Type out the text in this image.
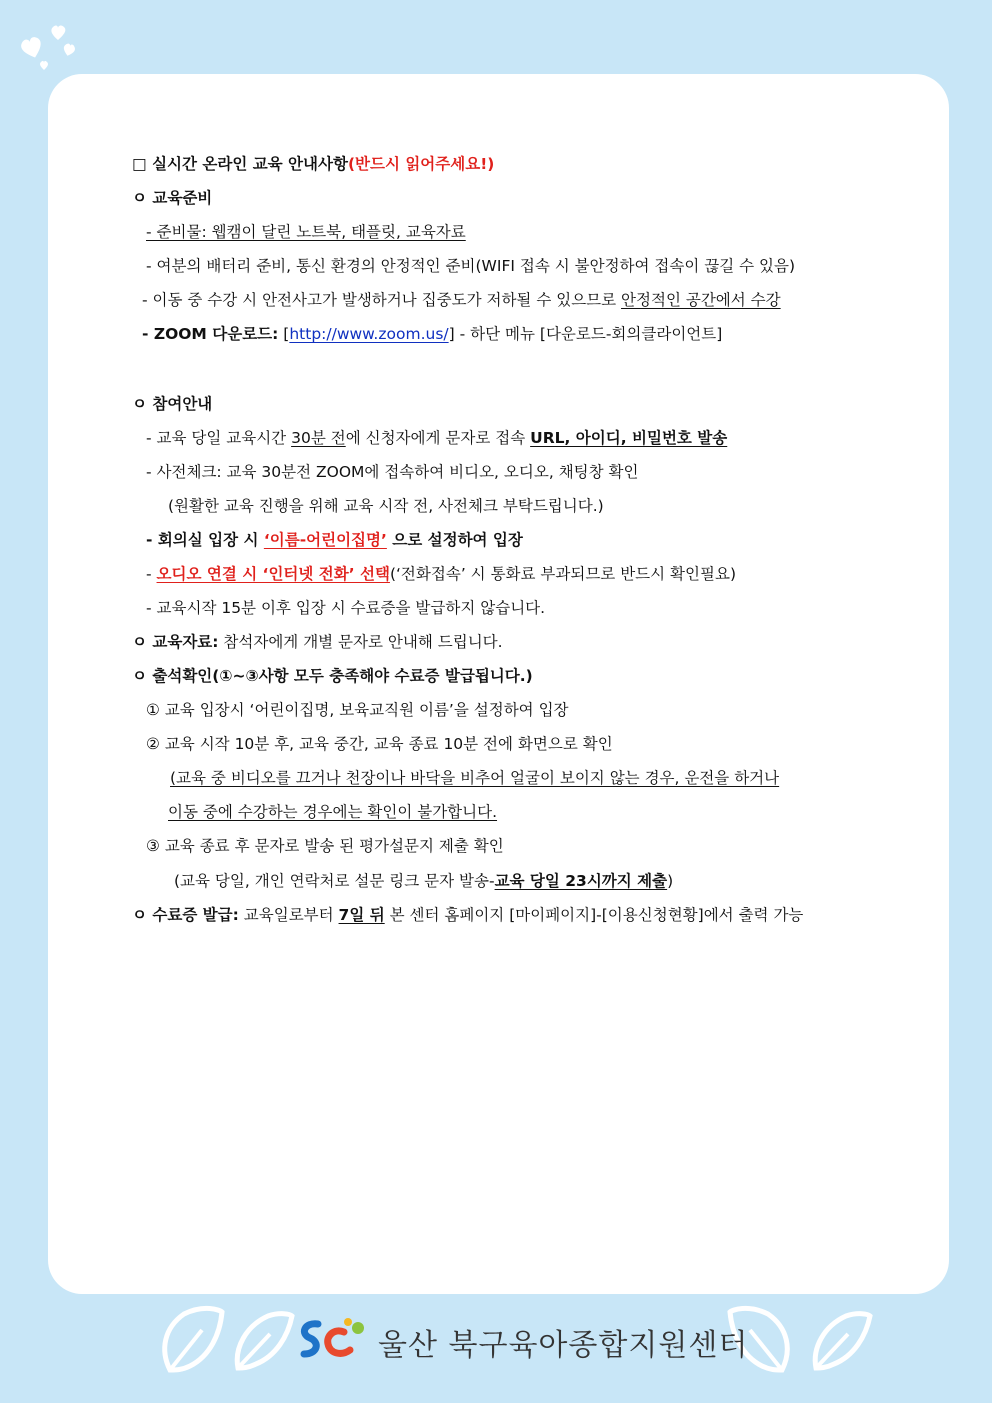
□ 실시간 온라인 교육 안내사항(반드시 읽어주세요!)
ㅇ 교육준비
- 준비물: 웹캠이 달린 노트북, 태플릿, 교육자료
- 여분의 배터리 준비, 통신 환경의 안정적인 준비(WIFI 접속 시 불안정하여 접속이 끊길 수 있음)
- 이동 중 수강 시 안전사고가 발생하거나 집중도가 저하될 수 있으므로 안정적인 공간에서 수강
- ZOOM 다운로드: [http://www.zoom.us/] - 하단 메뉴 [다운로드-회의클라이언트]
ㅇ 참여안내
- 교육 당일 교육시간 30분 전에 신청자에게 문자로 접속 URL, 아이디, 비밀번호 발송
- 사전체크: 교육 30분전 ZOOM에 접속하여 비디오, 오디오, 채팅창 확인
(원활한 교육 진행을 위해 교육 시작 전, 사전체크 부탁드립니다.)
- 회의실 입장 시 ‘이름-어린이집명’ 으로 설정하여 입장
- 오디오 연결 시 ‘인터넷 전화’ 선택(‘전화접속’ 시 통화료 부과되므로 반드시 확인필요)
- 교육시작 15분 이후 입장 시 수료증을 발급하지 않습니다.
ㅇ 교육자료: 참석자에게 개별 문자로 안내해 드립니다.
ㅇ 출석확인(①~③사항 모두 충족해야 수료증 발급됩니다.)
① 교육 입장시 ‘어린이집명, 보육교직원 이름’을 설정하여 입장
② 교육 시작 10분 후, 교육 중간, 교육 종료 10분 전에 화면으로 확인
(교육 중 비디오를 끄거나 천장이나 바닥을 비추어 얼굴이 보이지 않는 경우, 운전을 하거나
이동 중에 수강하는 경우에는 확인이 불가합니다.
③ 교육 종료 후 문자로 발송 된 평가설문지 제출 확인
(교육 당일, 개인 연락처로 설문 링크 문자 발송-교육 당일 23시까지 제출)
ㅇ 수료증 발급: 교육일로부터 7일 뒤 본 센터 홈페이지 [마이페이지]-[이용신청현황]에서 출력 가능
울산 북구육아종합지원센터
